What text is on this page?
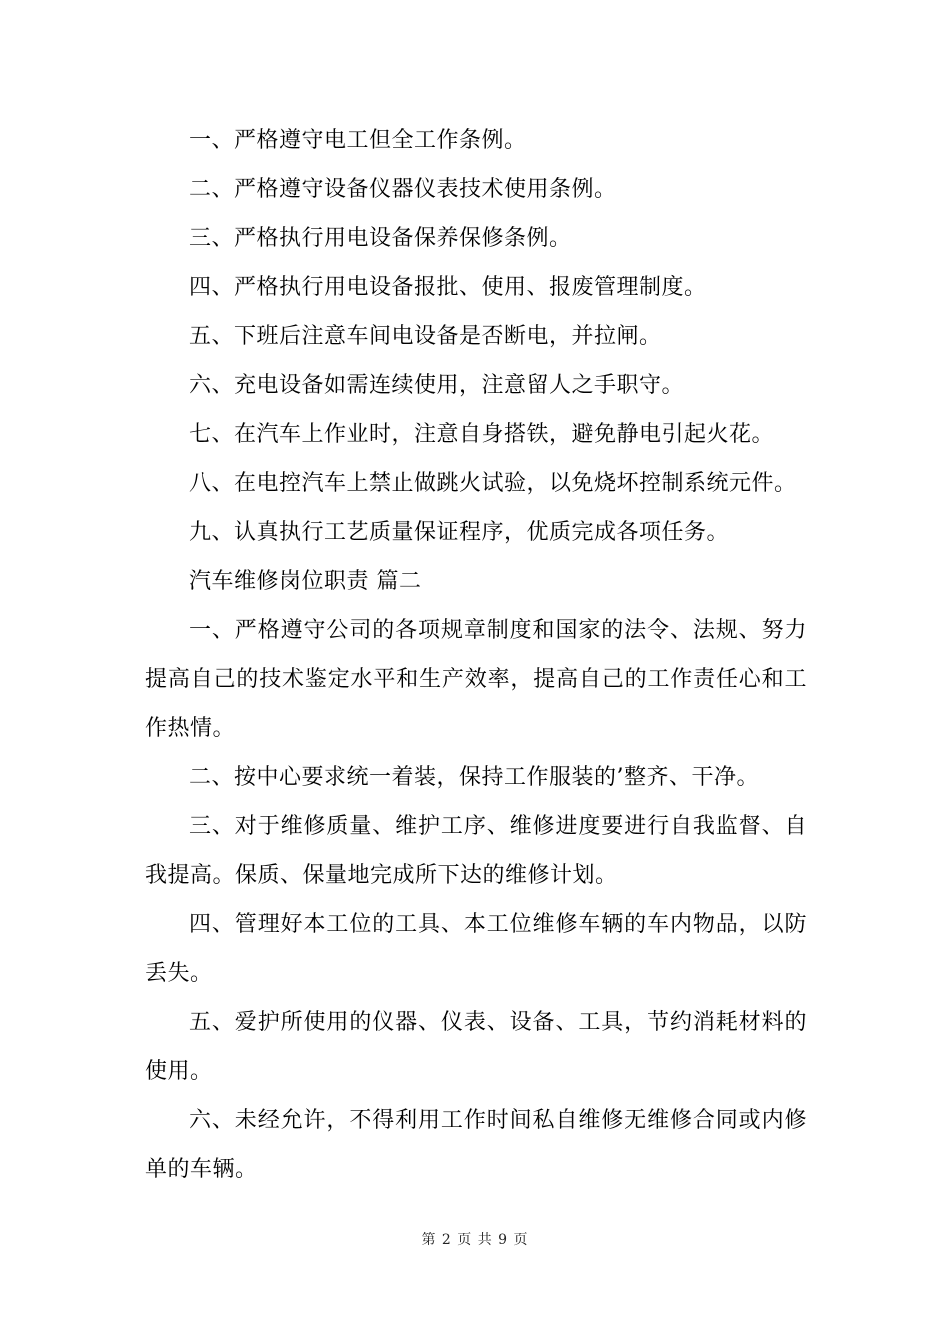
一、严格遵守电工但全工作条例。

二、严格遵守设备仪器仪表技术使用条例。

三、严格执行用电设备保养保修条例。

四、严格执行用电设备报批、使用、报废管理制度。

五、下班后注意车间电设备是否断电，并拉闸。

六、充电设备如需连续使用，注意留人之手职守。

七、在汽车上作业时，注意自身搭铁，避免静电引起火花。

八、在电控汽车上禁止做跳火试验，以免烧坏控制系统元件。

九、认真执行工艺质量保证程序，优质完成各项任务。

汽车维修岗位职责 篇二

一、严格遵守公司的各项规章制度和国家的法令、法规、努力提高自己的技术鉴定水平和生产效率，提高自己的工作责任心和工作热情。

二、按中心要求统一着装，保持工作服装的’整齐、干净。

三、对于维修质量、维护工序、维修进度要进行自我监督、自我提高。保质、保量地完成所下达的维修计划。

四、管理好本工位的工具、本工位维修车辆的车内物品，以防丢失。

五、爱护所使用的仪器、仪表、设备、工具，节约消耗材料的使用。

六、未经允许，不得利用工作时间私自维修无维修合同或内修单的车辆。

第 2 页 共 9 页
